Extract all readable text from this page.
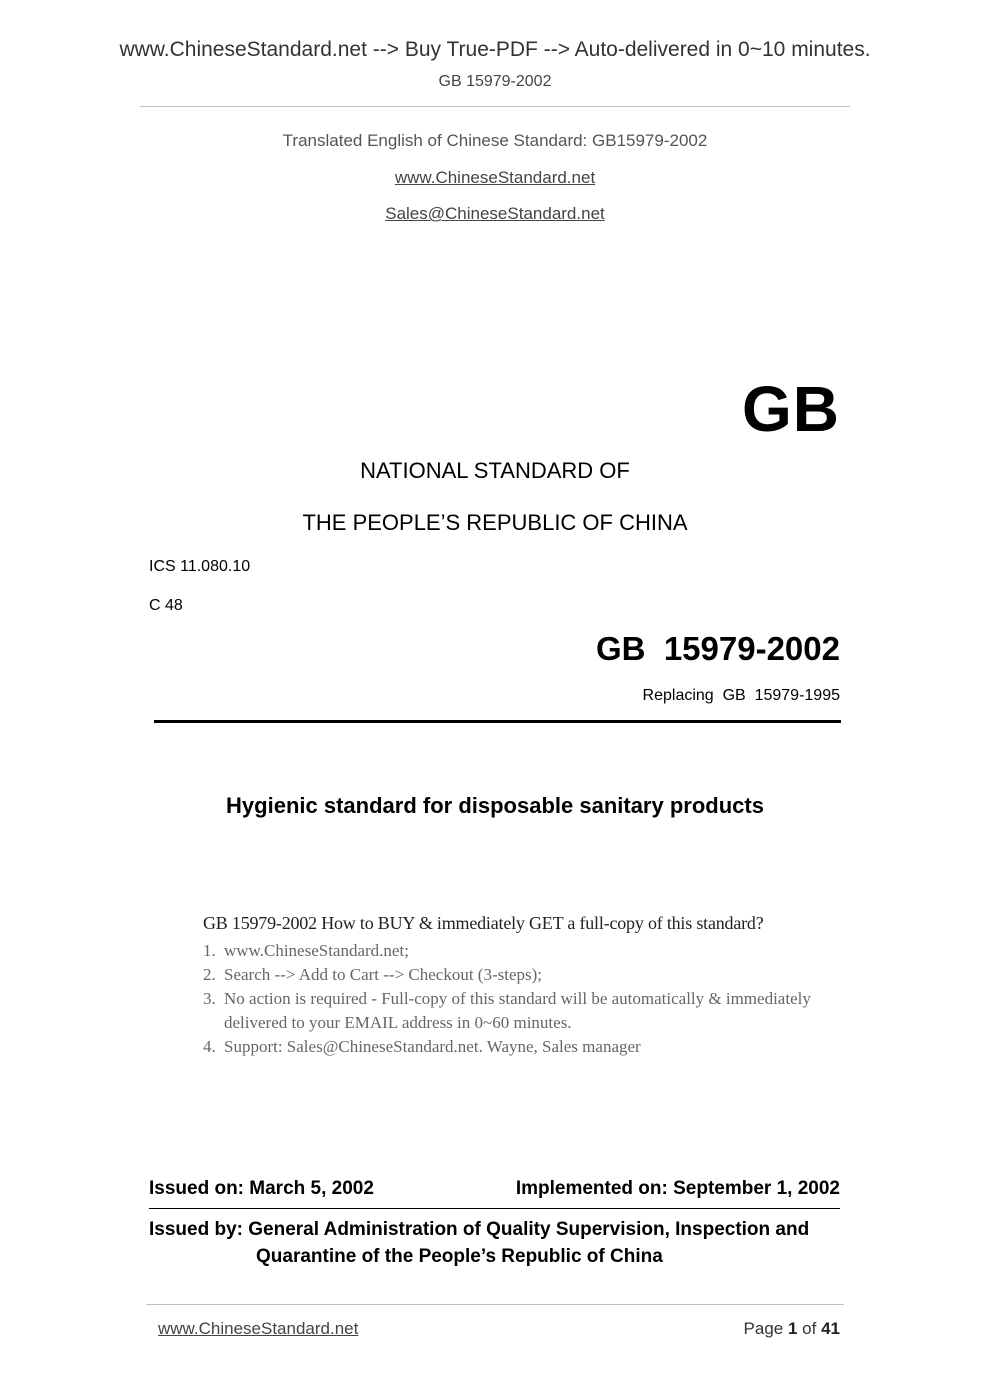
www.ChineseStandard.net --> Buy True-PDF --> Auto-delivered in 0~10 minutes.
GB 15979-2002
Translated English of Chinese Standard: GB15979-2002
www.ChineseStandard.net
Sales@ChineseStandard.net
GB
NATIONAL STANDARD OF
THE PEOPLE’S REPUBLIC OF CHINA
ICS 11.080.10
C 48
GB  15979-2002
Replacing  GB  15979-1995
Hygienic standard for disposable sanitary products
GB 15979-2002 How to BUY & immediately GET a full-copy of this standard?
1. www.ChineseStandard.net;
2. Search --> Add to Cart --> Checkout (3-steps);
3. No action is required - Full-copy of this standard will be automatically & immediately delivered to your EMAIL address in 0~60 minutes.
4. Support: Sales@ChineseStandard.net. Wayne, Sales manager
Issued on: March 5, 2002	Implemented on: September 1, 2002
Issued by: General Administration of Quality Supervision, Inspection and
Quarantine of the People’s Republic of China
www.ChineseStandard.net	Page 1 of 41
